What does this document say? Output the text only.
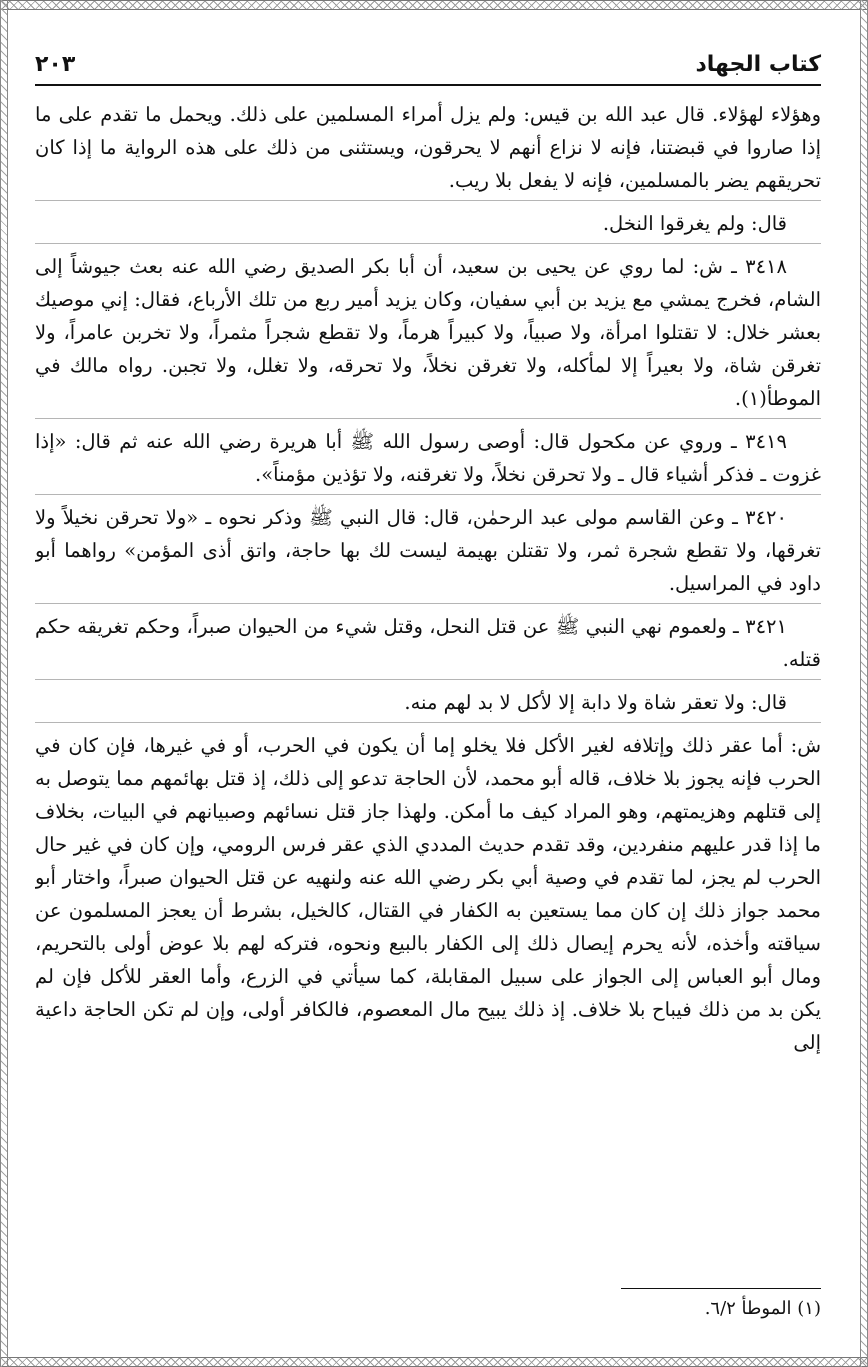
كتاب الجهاد
٢٠٣

وهؤلاء لهؤلاء. قال عبد الله بن قيس: ولم يزل أمراء المسلمين على ذلك. ويحمل ما تقدم على ما إذا صاروا في قبضتنا، فإنه لا نزاع أنهم لا يحرقون، ويستثنى من ذلك على هذه الرواية ما إذا كان تحريقهم يضر بالمسلمين، فإنه لا يفعل بلا ريب.

قال: ولم يغرقوا النخل.

٣٤١٨ ـ ش: لما روي عن يحيى بن سعيد، أن أبا بكر الصديق رضي الله عنه بعث جيوشاً إلى الشام، فخرج يمشي مع يزيد بن أبي سفيان، وكان يزيد أمير ربع من تلك الأرباع، فقال: إني موصيك بعشر خلال: لا تقتلوا امرأة، ولا صبياً، ولا كبيراً هرماً، ولا تقطع شجراً مثمراً، ولا تخربن عامراً، ولا تغرقن شاة، ولا بعيراً إلا لمأكله، ولا تغرقن نخلاً، ولا تحرقه، ولا تغلل، ولا تجبن. رواه مالك في الموطأ(١).

٣٤١٩ ـ وروي عن مكحول قال: أوصى رسول الله ﷺ أبا هريرة رضي الله عنه ثم قال: «إذا غزوت ـ فذكر أشياء قال ـ ولا تحرقن نخلاً، ولا تغرقنه، ولا تؤذين مؤمناً».

٣٤٢٠ ـ وعن القاسم مولى عبد الرحمٰن، قال: قال النبي ﷺ وذكر نحوه ـ «ولا تحرقن نخيلاً ولا تغرقها، ولا تقطع شجرة ثمر، ولا تقتلن بهيمة ليست لك بها حاجة، واتق أذى المؤمن» رواهما أبو داود في المراسيل.

٣٤٢١ ـ ولعموم نهي النبي ﷺ عن قتل النحل، وقتل شيء من الحيوان صبراً، وحكم تغريقه حكم قتله.

قال: ولا تعقر شاة ولا دابة إلا لأكل لا بد لهم منه.

ش: أما عقر ذلك وإتلافه لغير الأكل فلا يخلو إما أن يكون في الحرب، أو في غيرها، فإن كان في الحرب فإنه يجوز بلا خلاف، قاله أبو محمد، لأن الحاجة تدعو إلى ذلك، إذ قتل بهائمهم مما يتوصل به إلى قتلهم وهزيمتهم، وهو المراد كيف ما أمكن. ولهذا جاز قتل نسائهم وصبيانهم في البيات، بخلاف ما إذا قدر عليهم منفردين، وقد تقدم حديث المددي الذي عقر فرس الرومي، وإن كان في غير حال الحرب لم يجز، لما تقدم في وصية أبي بكر رضي الله عنه ولنهيه عن قتل الحيوان صبراً، واختار أبو محمد جواز ذلك إن كان مما يستعين به الكفار في القتال، كالخيل، بشرط أن يعجز المسلمون عن سياقته وأخذه، لأنه يحرم إيصال ذلك إلى الكفار بالبيع ونحوه، فتركه لهم بلا عوض أولى بالتحريم، ومال أبو العباس إلى الجواز على سبيل المقابلة، كما سيأتي في الزرع، وأما العقر للأكل فإن لم يكن بد من ذلك فيباح بلا خلاف. إذ ذلك يبيح مال المعصوم، فالكافر أولى، وإن لم تكن الحاجة داعية إلى

(١) الموطأ ٦/٢.
